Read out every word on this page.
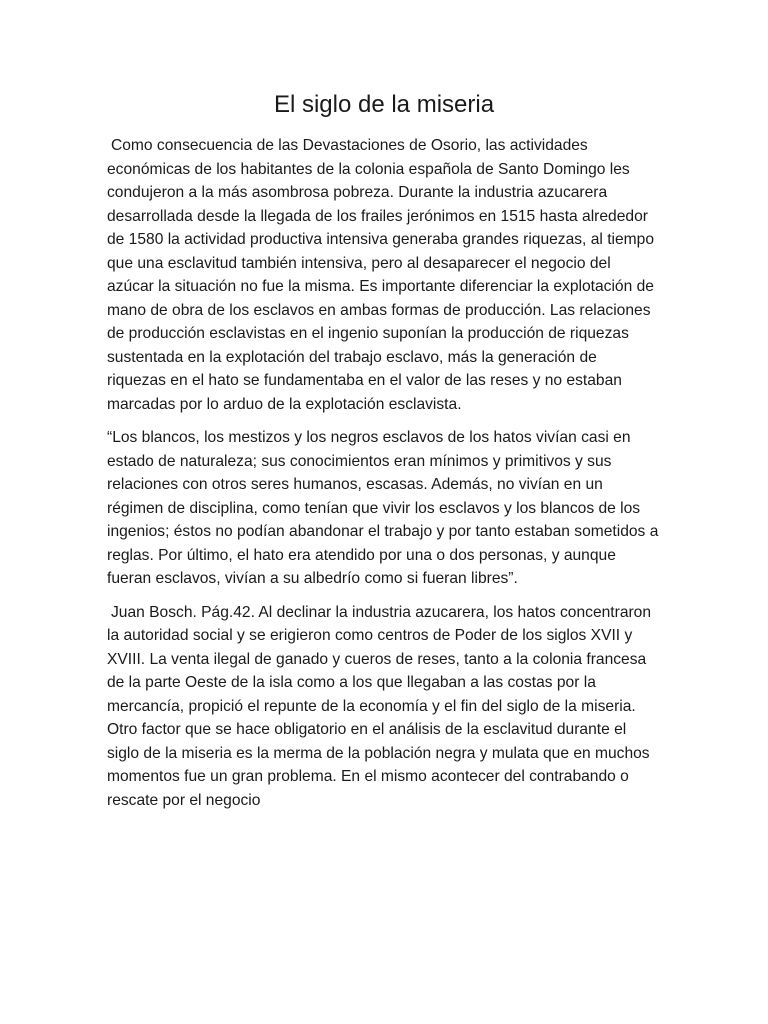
El siglo de la miseria

Como consecuencia de las Devastaciones de Osorio, las actividades económicas de los habitantes de la colonia española de Santo Domingo les condujeron a la más asombrosa pobreza. Durante la industria azucarera desarrollada desde la llegada de los frailes jerónimos en 1515 hasta alrededor de 1580 la actividad productiva intensiva generaba grandes riquezas, al tiempo que una esclavitud también intensiva, pero al desaparecer el negocio del azúcar la situación no fue la misma. Es importante diferenciar la explotación de mano de obra de los esclavos en ambas formas de producción. Las relaciones de producción esclavistas en el ingenio suponían la producción de riquezas sustentada en la explotación del trabajo esclavo, más la generación de riquezas en el hato se fundamentaba en el valor de las reses y no estaban marcadas por lo arduo de la explotación esclavista.

“Los blancos, los mestizos y los negros esclavos de los hatos vivían casi en estado de naturaleza; sus conocimientos eran mínimos y primitivos y sus relaciones con otros seres humanos, escasas. Además, no vivían en un régimen de disciplina, como tenían que vivir los esclavos y los blancos de los ingenios; éstos no podían abandonar el trabajo y por tanto estaban sometidos a reglas. Por último, el hato era atendido por una o dos personas, y aunque fueran esclavos, vivían a su albedrío como si fueran libres”.

Juan Bosch. Pág.42. Al declinar la industria azucarera, los hatos concentraron la autoridad social y se erigieron como centros de Poder de los siglos XVII y XVIII. La venta ilegal de ganado y cueros de reses, tanto a la colonia francesa de la parte Oeste de la isla como a los que llegaban a las costas por la mercancía, propició el repunte de la economía y el fin del siglo de la miseria. Otro factor que se hace obligatorio en el análisis de la esclavitud durante el siglo de la miseria es la merma de la población negra y mulata que en muchos momentos fue un gran problema. En el mismo acontecer del contrabando o rescate por el negocio
